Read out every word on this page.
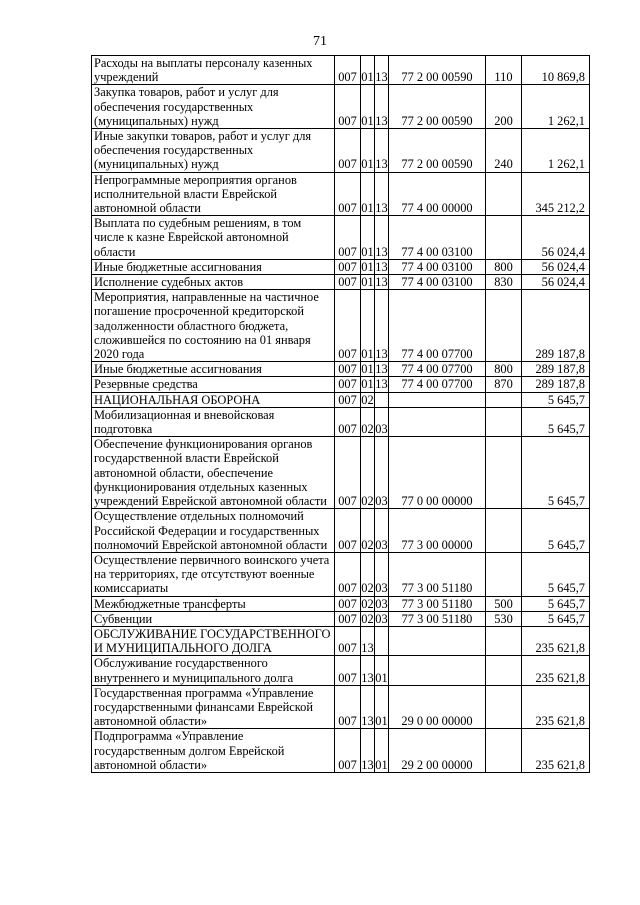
71
Расходы на выплаты персоналу казенных учреждений	007	01	13	77 2 00 00590	110	10 869,8
Закупка товаров, работ и услуг для обеспечения государственных (муниципальных) нужд	007	01	13	77 2 00 00590	200	1 262,1
Иные закупки товаров, работ и услуг для обеспечения государственных (муниципальных) нужд	007	01	13	77 2 00 00590	240	1 262,1
Непрограммные мероприятия органов исполнительной власти Еврейской автономной области	007	01	13	77 4 00 00000		345 212,2
Выплата по судебным решениям, в том числе к казне Еврейской автономной области	007	01	13	77 4 00 03100		56 024,4
Иные бюджетные ассигнования	007	01	13	77 4 00 03100	800	56 024,4
Исполнение судебных актов	007	01	13	77 4 00 03100	830	56 024,4
Мероприятия, направленные на частичное погашение просроченной кредиторской задолженности областного бюджета, сложившейся по состоянию на 01 января 2020 года	007	01	13	77 4 00 07700		289 187,8
Иные бюджетные ассигнования	007	01	13	77 4 00 07700	800	289 187,8
Резервные средства	007	01	13	77 4 00 07700	870	289 187,8
НАЦИОНАЛЬНАЯ ОБОРОНА	007	02				5 645,7
Мобилизационная и вневойсковая подготовка	007	02	03			5 645,7
Обеспечение функционирования органов государственной власти Еврейской автономной области, обеспечение функционирования отдельных казенных учреждений Еврейской автономной области	007	02	03	77 0 00 00000		5 645,7
Осуществление отдельных полномочий Российской Федерации и государственных полномочий Еврейской автономной области	007	02	03	77 3 00 00000		5 645,7
Осуществление первичного воинского учета на территориях, где отсутствуют военные комиссариаты	007	02	03	77 3 00 51180		5 645,7
Межбюджетные трансферты	007	02	03	77 3 00 51180	500	5 645,7
Субвенции	007	02	03	77 3 00 51180	530	5 645,7
ОБСЛУЖИВАНИЕ ГОСУДАРСТВЕННОГО И МУНИЦИПАЛЬНОГО ДОЛГА	007	13				235 621,8
Обслуживание государственного внутреннего и муниципального долга	007	13	01			235 621,8
Государственная программа «Управление государственными финансами Еврейской автономной области»	007	13	01	29 0 00 00000		235 621,8
Подпрограмма «Управление государственным долгом Еврейской автономной области»	007	13	01	29 2 00 00000		235 621,8
